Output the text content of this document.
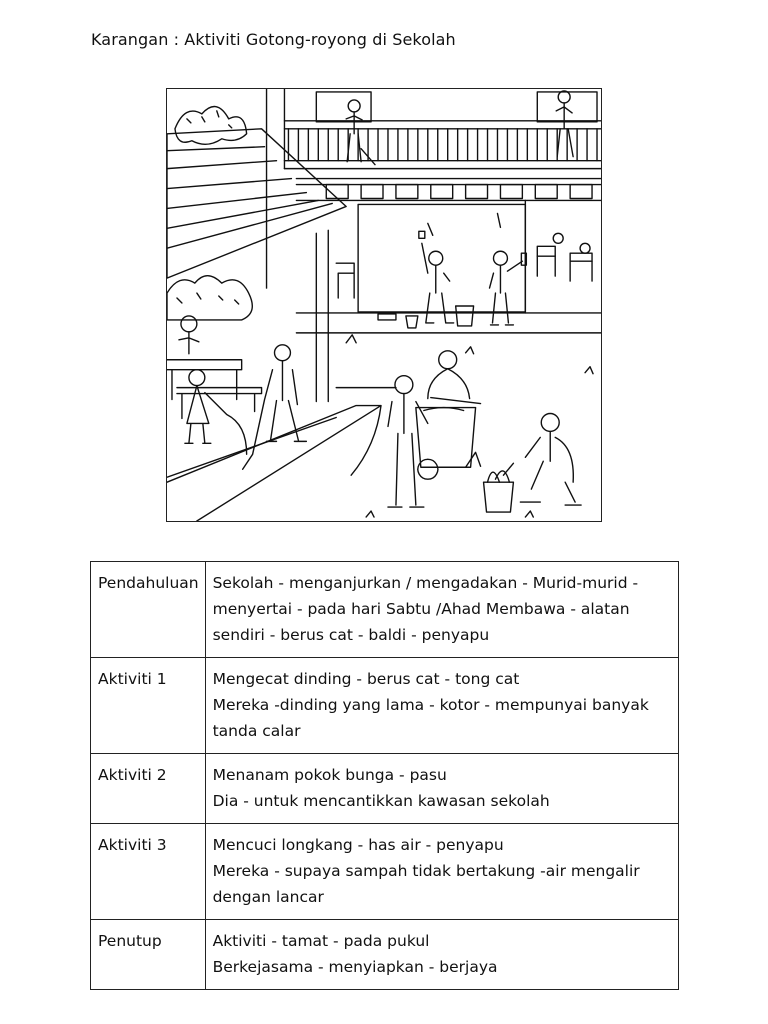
Karangan : Aktiviti Gotong-royong di Sekolah
Pendahuluan	Sekolah - menganjurkan / mengadakan - Murid-murid -
menyertai - pada hari Sabtu /Ahad Membawa - alatan
sendiri - berus cat - baldi - penyapu

Aktiviti 1	Mengecat dinding - berus cat - tong cat
Mereka -dinding yang lama - kotor - mempunyai banyak
tanda calar

Aktiviti 2	Menanam pokok bunga - pasu
Dia - untuk mencantikkan kawasan sekolah

Aktiviti 3	Mencuci longkang - has air - penyapu
Mereka - supaya sampah tidak bertakung -air mengalir
dengan lancar

Penutup	Aktiviti - tamat - pada pukul
Berkejasama - menyiapkan - berjaya
